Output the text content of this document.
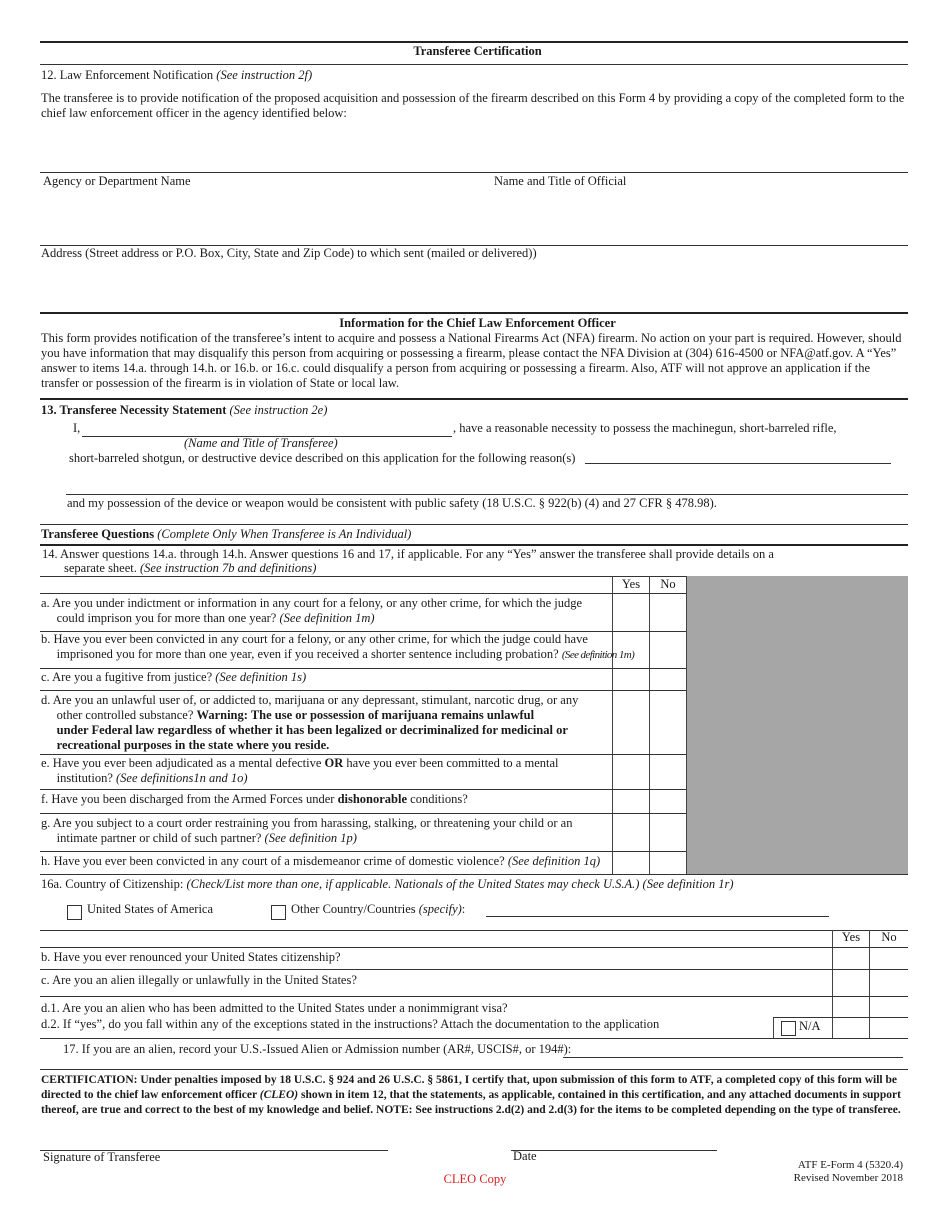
Transferee Certification
12. Law Enforcement Notification (See instruction 2f)
The transferee is to provide notification of the proposed acquisition and possession of the firearm described on this Form 4 by providing a copy of the completed form to the chief law enforcement officer in the agency identified below:
Agency or Department Name	Name and Title of Official
Address (Street address or P.O. Box, City, State and Zip Code) to which sent (mailed or delivered))
Information for the Chief Law Enforcement Officer
This form provides notification of the transferee’s intent to acquire and possess a National Firearms Act (NFA) firearm. No action on your part is required. However, should you have information that may disqualify this person from acquiring or possessing a firearm, please contact the NFA Division at (304) 616-4500 or NFA@atf.gov. A “Yes” answer to items 14.a. through 14.h. or 16.b. or 16.c. could disqualify a person from acquiring or possessing a firearm. Also, ATF will not approve an application if the transfer or possession of the firearm is in violation of State or local law.
13. Transferee Necessity Statement (See instruction 2e)
I,	, have a reasonable necessity to possess the machinegun, short-barreled rifle,
(Name and Title of Transferee)
short-barreled shotgun, or destructive device described on this application for the following reason(s)
and my possession of the device or weapon would be consistent with public safety (18 U.S.C. § 922(b) (4) and 27 CFR § 478.98).
Transferee Questions (Complete Only When Transferee is An Individual)
14. Answer questions 14.a. through 14.h. Answer questions 16 and 17, if applicable. For any “Yes” answer the transferee shall provide details on a
separate sheet. (See instruction 7b and definitions)
Yes	No
a. Are you under indictment or information in any court for a felony, or any other crime, for which the judge
could imprison you for more than one year? (See definition 1m)
b. Have you ever been convicted in any court for a felony, or any other crime, for which the judge could have
imprisoned you for more than one year, even if you received a shorter sentence including probation? (See definition 1m)
c. Are you a fugitive from justice? (See definition 1s)
d. Are you an unlawful user of, or addicted to, marijuana or any depressant, stimulant, narcotic drug, or any
other controlled substance? Warning: The use or possession of marijuana remains unlawful
under Federal law regardless of whether it has been legalized or decriminalized for medicinal or
recreational purposes in the state where you reside.
e. Have you ever been adjudicated as a mental defective OR have you ever been committed to a mental
institution? (See definitions1n and 1o)
f. Have you been discharged from the Armed Forces under dishonorable conditions?
g. Are you subject to a court order restraining you from harassing, stalking, or threatening your child or an
intimate partner or child of such partner? (See definition 1p)
h. Have you ever been convicted in any court of a misdemeanor crime of domestic violence? (See definition 1q)
16a. Country of Citizenship: (Check/List more than one, if applicable. Nationals of the United States may check U.S.A.) (See definition 1r)
United States of America	Other Country/Countries (specify):
Yes	No
b. Have you ever renounced your United States citizenship?
c. Are you an alien illegally or unlawfully in the United States?
d.1. Are you an alien who has been admitted to the United States under a nonimmigrant visa?
d.2. If “yes”, do you fall within any of the exceptions stated in the instructions? Attach the documentation to the application	N/A
17. If you are an alien, record your U.S.-Issued Alien or Admission number (AR#, USCIS#, or 194#):
CERTIFICATION: Under penalties imposed by 18 U.S.C. § 924 and 26 U.S.C. § 5861, I certify that, upon submission of this form to ATF, a completed copy of this form will be directed to the chief law enforcement officer (CLEO) shown in item 12, that the statements, as applicable, contained in this certification, and any attached documents in support thereof, are true and correct to the best of my knowledge and belief. NOTE: See instructions 2.d(2) and 2.d(3) for the items to be completed depending on the type of transferee.
Signature of Transferee	Date
ATF E-Form 4 (5320.4)
Revised November 2018
CLEO Copy
